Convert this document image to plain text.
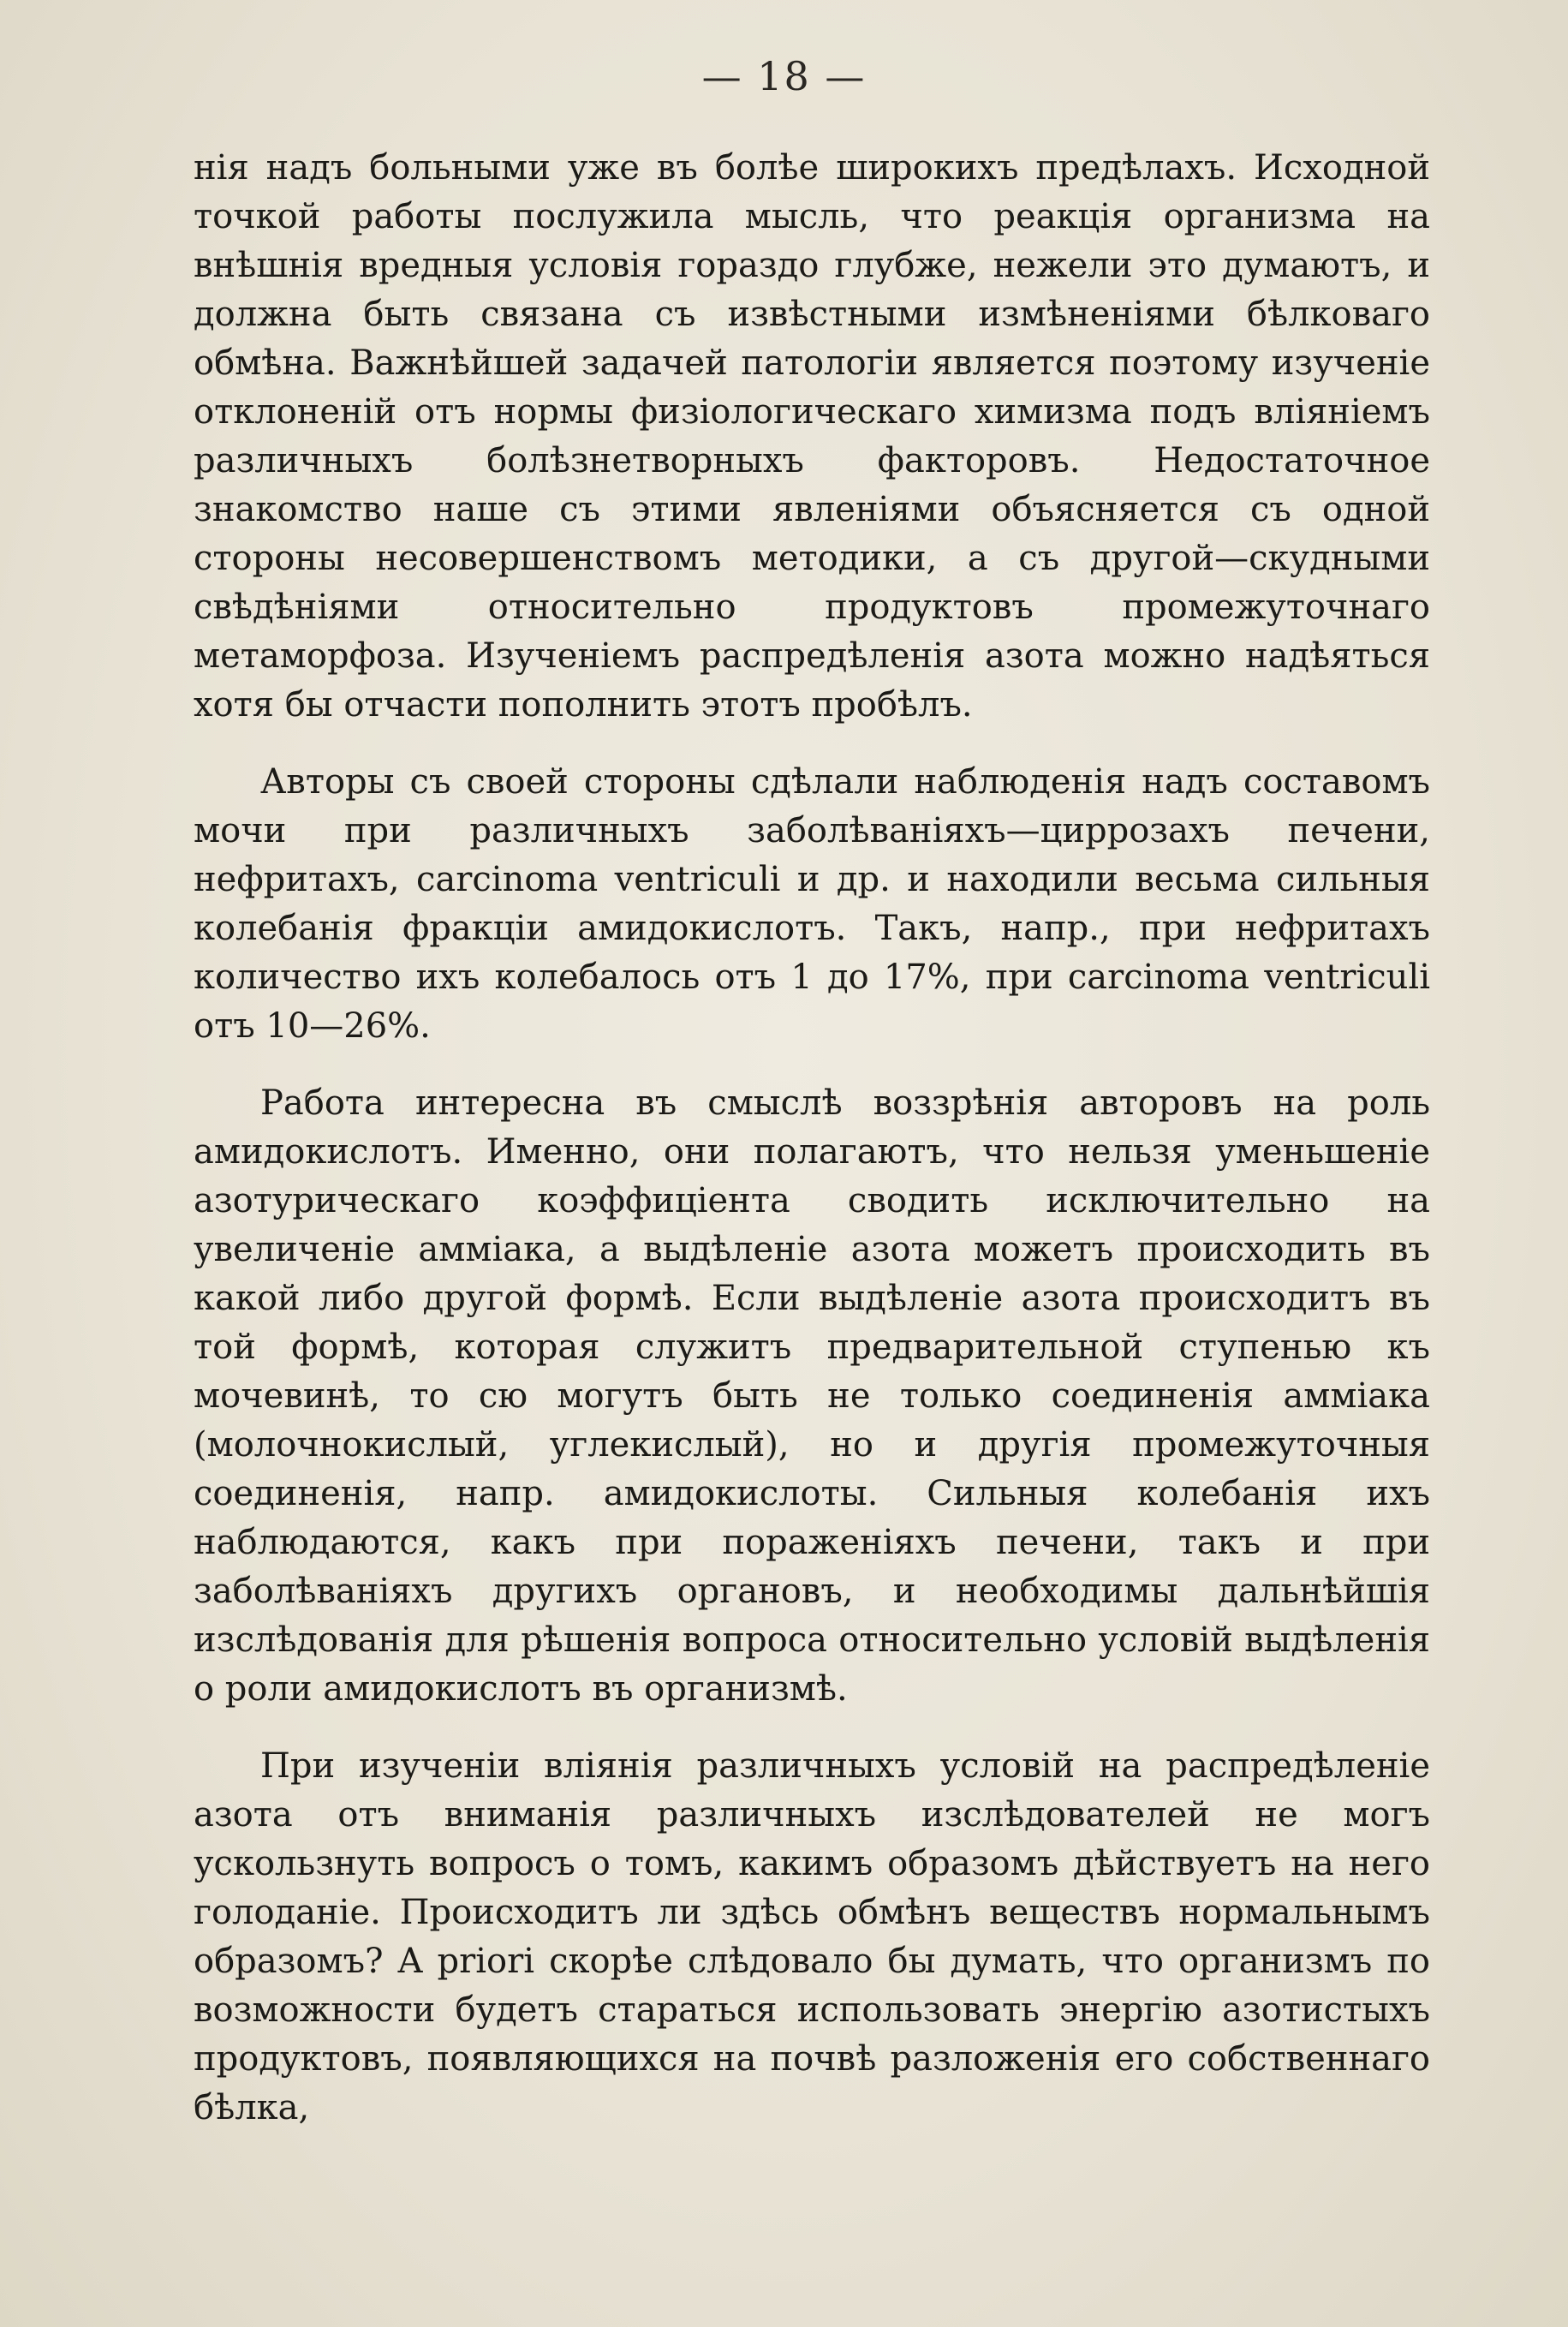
— 18 —

нія надъ больными уже въ болѣе широкихъ предѣлахъ. Исходной точкой работы послужила мысль, что реакція организма на внѣшнія вредныя условія гораздо глубже, нежели это думаютъ, и должна быть связана съ извѣстными измѣненіями бѣлковаго обмѣна. Важнѣйшей задачей патологіи является поэтому изученіе отклоненій отъ нормы физіологическаго химизма подъ вліяніемъ различныхъ болѣзнетворныхъ факторовъ. Недостаточное знакомство наше съ этими явленіями объясняется съ одной стороны несовершенствомъ методики, а съ другой—скудными свѣдѣніями относительно продуктовъ промежуточнаго метаморфоза. Изученіемъ распредѣленія азота можно надѣяться хотя бы отчасти пополнить этотъ пробѣлъ.

Авторы съ своей стороны сдѣлали наблюденія надъ составомъ мочи при различныхъ заболѣваніяхъ—циррозахъ печени, нефритахъ, carcinoma ventriculi и др. и находили весьма сильныя колебанія фракціи амидокислотъ. Такъ, напр., при нефритахъ количество ихъ колебалось отъ 1 до 17%, при carcinoma ventriculi отъ 10—26%.

Работа интересна въ смыслѣ воззрѣнія авторовъ на роль амидокислотъ. Именно, они полагаютъ, что нельзя уменьшеніе азотурическаго коэффиціента сводить исключительно на увеличеніе аммiака, а выдѣленіе азота можетъ происходить въ какой либо другой формѣ. Если выдѣленіе азота происходитъ въ той формѣ, которая служитъ предварительной ступенью къ мочевинѣ, то сю могутъ быть не только соединенія амміака (молочнокислый, углекислый), но и другія промежуточныя соединенія, напр. амидокислоты. Сильныя колебанія ихъ наблюдаются, какъ при пораженіяхъ печени, такъ и при заболѣваніяхъ другихъ органовъ, и необходимы дальнѣйшія изслѣдованія для рѣшенія вопроса относительно условій выдѣленія о роли амидокислотъ въ организмѣ.

При изученіи вліянія различныхъ условій на распредѣленіе азота отъ вниманія различныхъ изслѣдователей не могъ ускользнуть вопросъ о томъ, какимъ образомъ дѣйствуетъ на него голоданіе. Происходитъ ли здѣсь обмѣнъ веществъ нормальнымъ образомъ? A priori скорѣе слѣдовало бы думать, что организмъ по возможности будетъ стараться использовать энергію азотистыхъ продуктовъ, появляющихся на почвѣ разложенія его собственнаго бѣлка,
